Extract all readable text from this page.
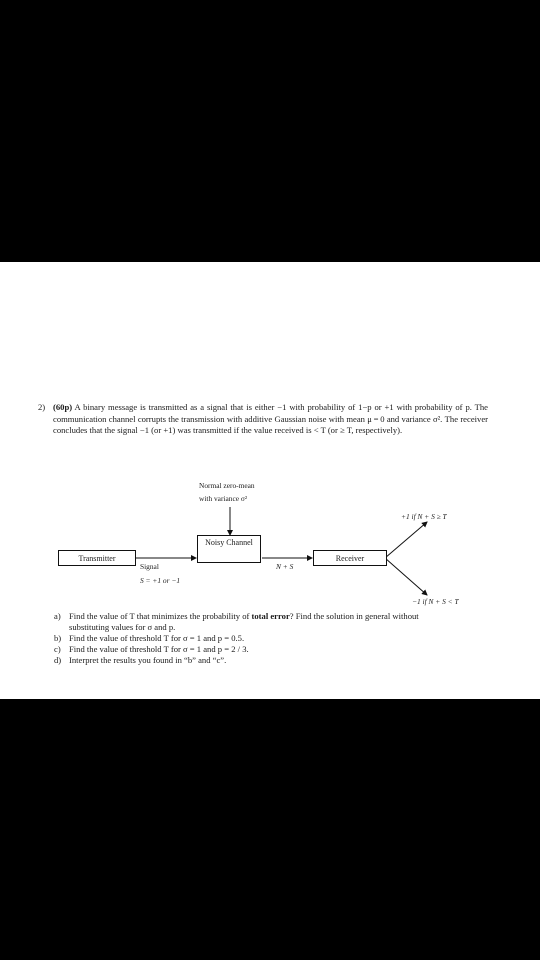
2) (60p) A binary message is transmitted as a signal that is either −1 with probability of 1−p or +1 with probability of p. The communication channel corrupts the transmission with additive Gaussian noise with mean μ = 0 and variance σ². The receiver concludes that the signal −1 (or +1) was transmitted if the value received is < T (or ≥ T, respectively).
Normal zero-mean
with variance σ²
Transmitter
Noisy Channel
Receiver
Signal
S = +1 or −1
N + S
+1 if N + S ≥ T
−1 if N + S < T
a) Find the value of T that minimizes the probability of total error? Find the solution in general without substituting values for σ and p.
b) Find the value of threshold T for σ = 1 and p = 0.5.
c) Find the value of threshold T for σ = 1 and p = 2 / 3.
d) Interpret the results you found in “b” and “c”.
